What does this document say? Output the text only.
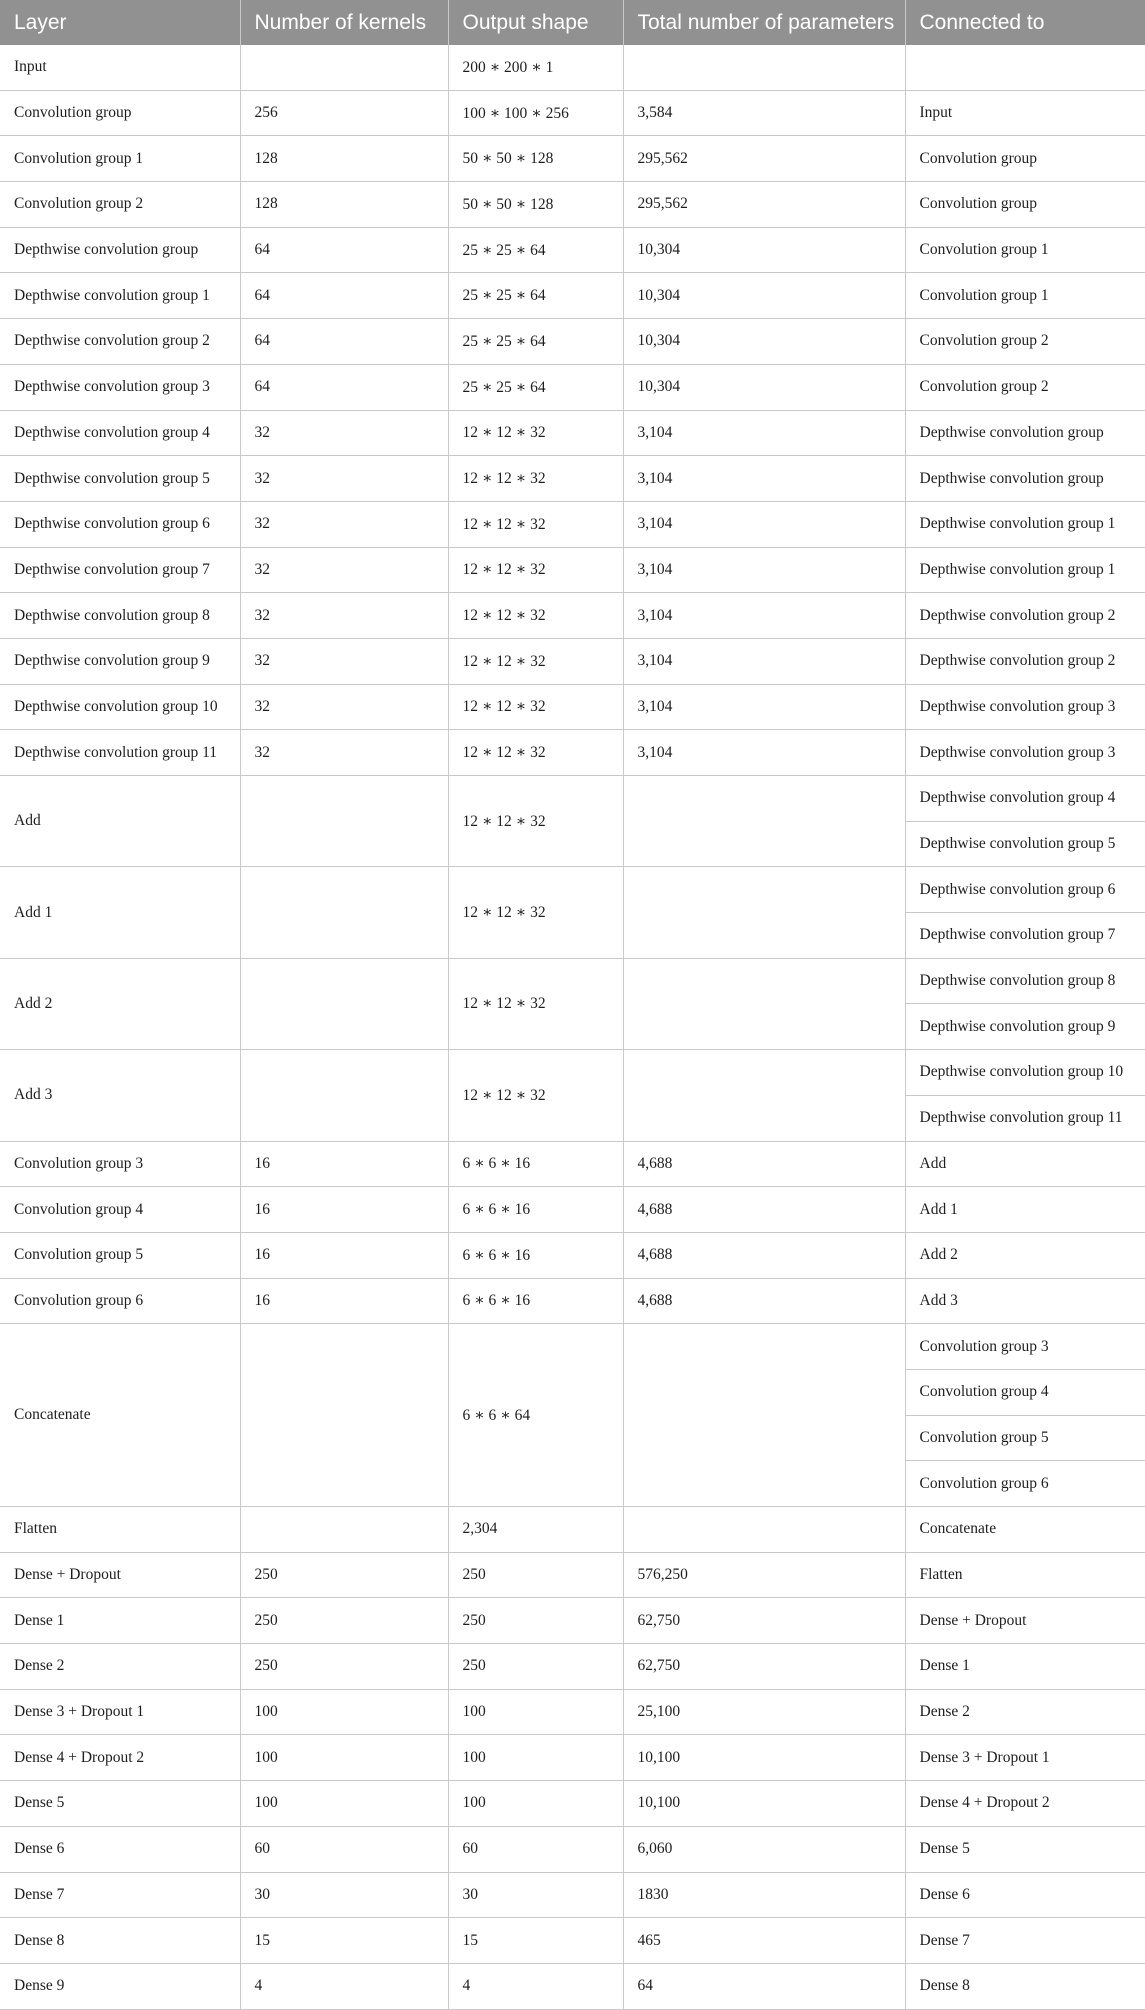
Layer	Number of kernels	Output shape	Total number of parameters	Connected to
Input		200 ∗ 200 ∗ 1		
Convolution group	256	100 ∗ 100 ∗ 256	3,584	Input
Convolution group 1	128	50 ∗ 50 ∗ 128	295,562	Convolution group
Convolution group 2	128	50 ∗ 50 ∗ 128	295,562	Convolution group
Depthwise convolution group	64	25 ∗ 25 ∗ 64	10,304	Convolution group 1
Depthwise convolution group 1	64	25 ∗ 25 ∗ 64	10,304	Convolution group 1
Depthwise convolution group 2	64	25 ∗ 25 ∗ 64	10,304	Convolution group 2
Depthwise convolution group 3	64	25 ∗ 25 ∗ 64	10,304	Convolution group 2
Depthwise convolution group 4	32	12 ∗ 12 ∗ 32	3,104	Depthwise convolution group
Depthwise convolution group 5	32	12 ∗ 12 ∗ 32	3,104	Depthwise convolution group
Depthwise convolution group 6	32	12 ∗ 12 ∗ 32	3,104	Depthwise convolution group 1
Depthwise convolution group 7	32	12 ∗ 12 ∗ 32	3,104	Depthwise convolution group 1
Depthwise convolution group 8	32	12 ∗ 12 ∗ 32	3,104	Depthwise convolution group 2
Depthwise convolution group 9	32	12 ∗ 12 ∗ 32	3,104	Depthwise convolution group 2
Depthwise convolution group 10	32	12 ∗ 12 ∗ 32	3,104	Depthwise convolution group 3
Depthwise convolution group 11	32	12 ∗ 12 ∗ 32	3,104	Depthwise convolution group 3
Add		12 ∗ 12 ∗ 32		Depthwise convolution group 4
				Depthwise convolution group 5
Add 1		12 ∗ 12 ∗ 32		Depthwise convolution group 6
				Depthwise convolution group 7
Add 2		12 ∗ 12 ∗ 32		Depthwise convolution group 8
				Depthwise convolution group 9
Add 3		12 ∗ 12 ∗ 32		Depthwise convolution group 10
				Depthwise convolution group 11
Convolution group 3	16	6 ∗ 6 ∗ 16	4,688	Add
Convolution group 4	16	6 ∗ 6 ∗ 16	4,688	Add 1
Convolution group 5	16	6 ∗ 6 ∗ 16	4,688	Add 2
Convolution group 6	16	6 ∗ 6 ∗ 16	4,688	Add 3
Concatenate		6 ∗ 6 ∗ 64		Convolution group 3
				Convolution group 4
				Convolution group 5
				Convolution group 6
Flatten		2,304		Concatenate
Dense + Dropout	250	250	576,250	Flatten
Dense 1	250	250	62,750	Dense + Dropout
Dense 2	250	250	62,750	Dense 1
Dense 3 + Dropout 1	100	100	25,100	Dense 2
Dense 4 + Dropout 2	100	100	10,100	Dense 3 + Dropout 1
Dense 5	100	100	10,100	Dense 4 + Dropout 2
Dense 6	60	60	6,060	Dense 5
Dense 7	30	30	1830	Dense 6
Dense 8	15	15	465	Dense 7
Dense 9	4	4	64	Dense 8
